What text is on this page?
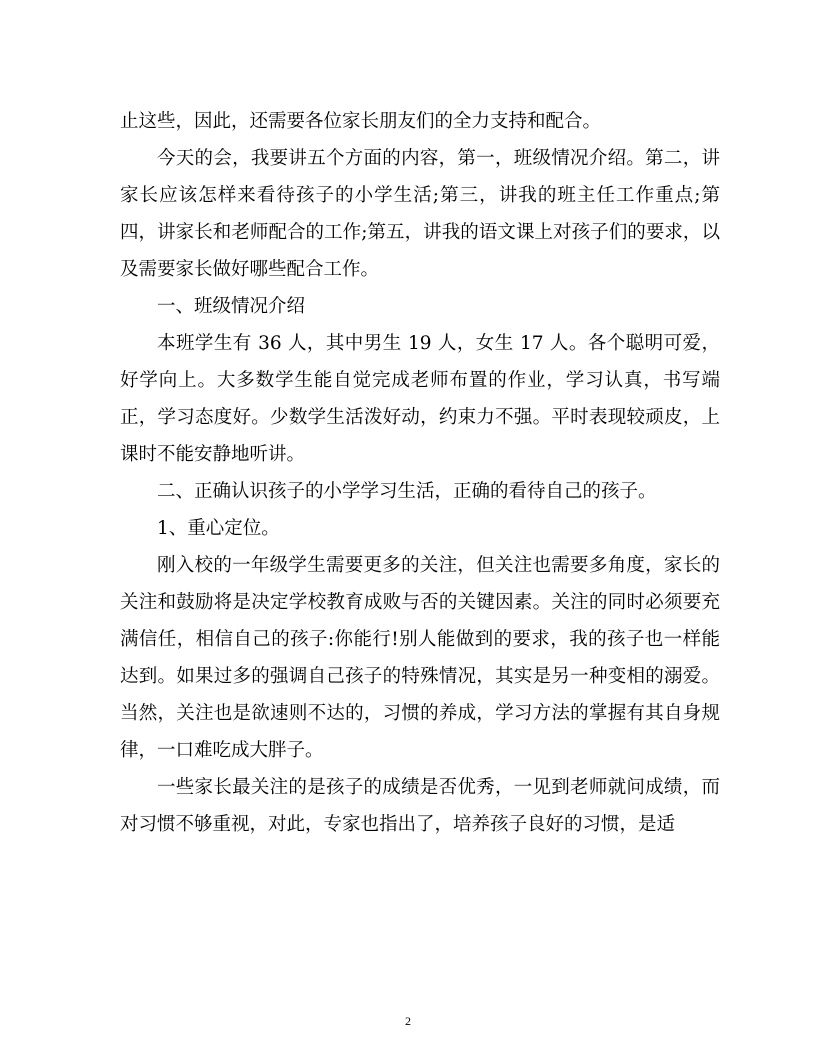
止这些，因此，还需要各位家长朋友们的全力支持和配合。

今天的会，我要讲五个方面的内容，第一，班级情况介绍。第二，讲家长应该怎样来看待孩子的小学生活;第三，讲我的班主任工作重点;第四，讲家长和老师配合的工作;第五，讲我的语文课上对孩子们的要求，以及需要家长做好哪些配合工作。

一、班级情况介绍

本班学生有 36 人，其中男生 19 人，女生 17 人。各个聪明可爱，好学向上。大多数学生能自觉完成老师布置的作业，学习认真，书写端正，学习态度好。少数学生活泼好动，约束力不强。平时表现较顽皮，上课时不能安静地听讲。

二、正确认识孩子的小学学习生活，正确的看待自己的孩子。

1、重心定位。

刚入校的一年级学生需要更多的关注，但关注也需要多角度，家长的关注和鼓励将是决定学校教育成败与否的关键因素。关注的同时必须要充满信任，相信自己的孩子:你能行!别人能做到的要求，我的孩子也一样能达到。如果过多的强调自己孩子的特殊情况，其实是另一种变相的溺爱。当然，关注也是欲速则不达的，习惯的养成，学习方法的掌握有其自身规律，一口难吃成大胖子。

一些家长最关注的是孩子的成绩是否优秀，一见到老师就问成绩，而对习惯不够重视，对此，专家也指出了，培养孩子良好的习惯，是适

2
